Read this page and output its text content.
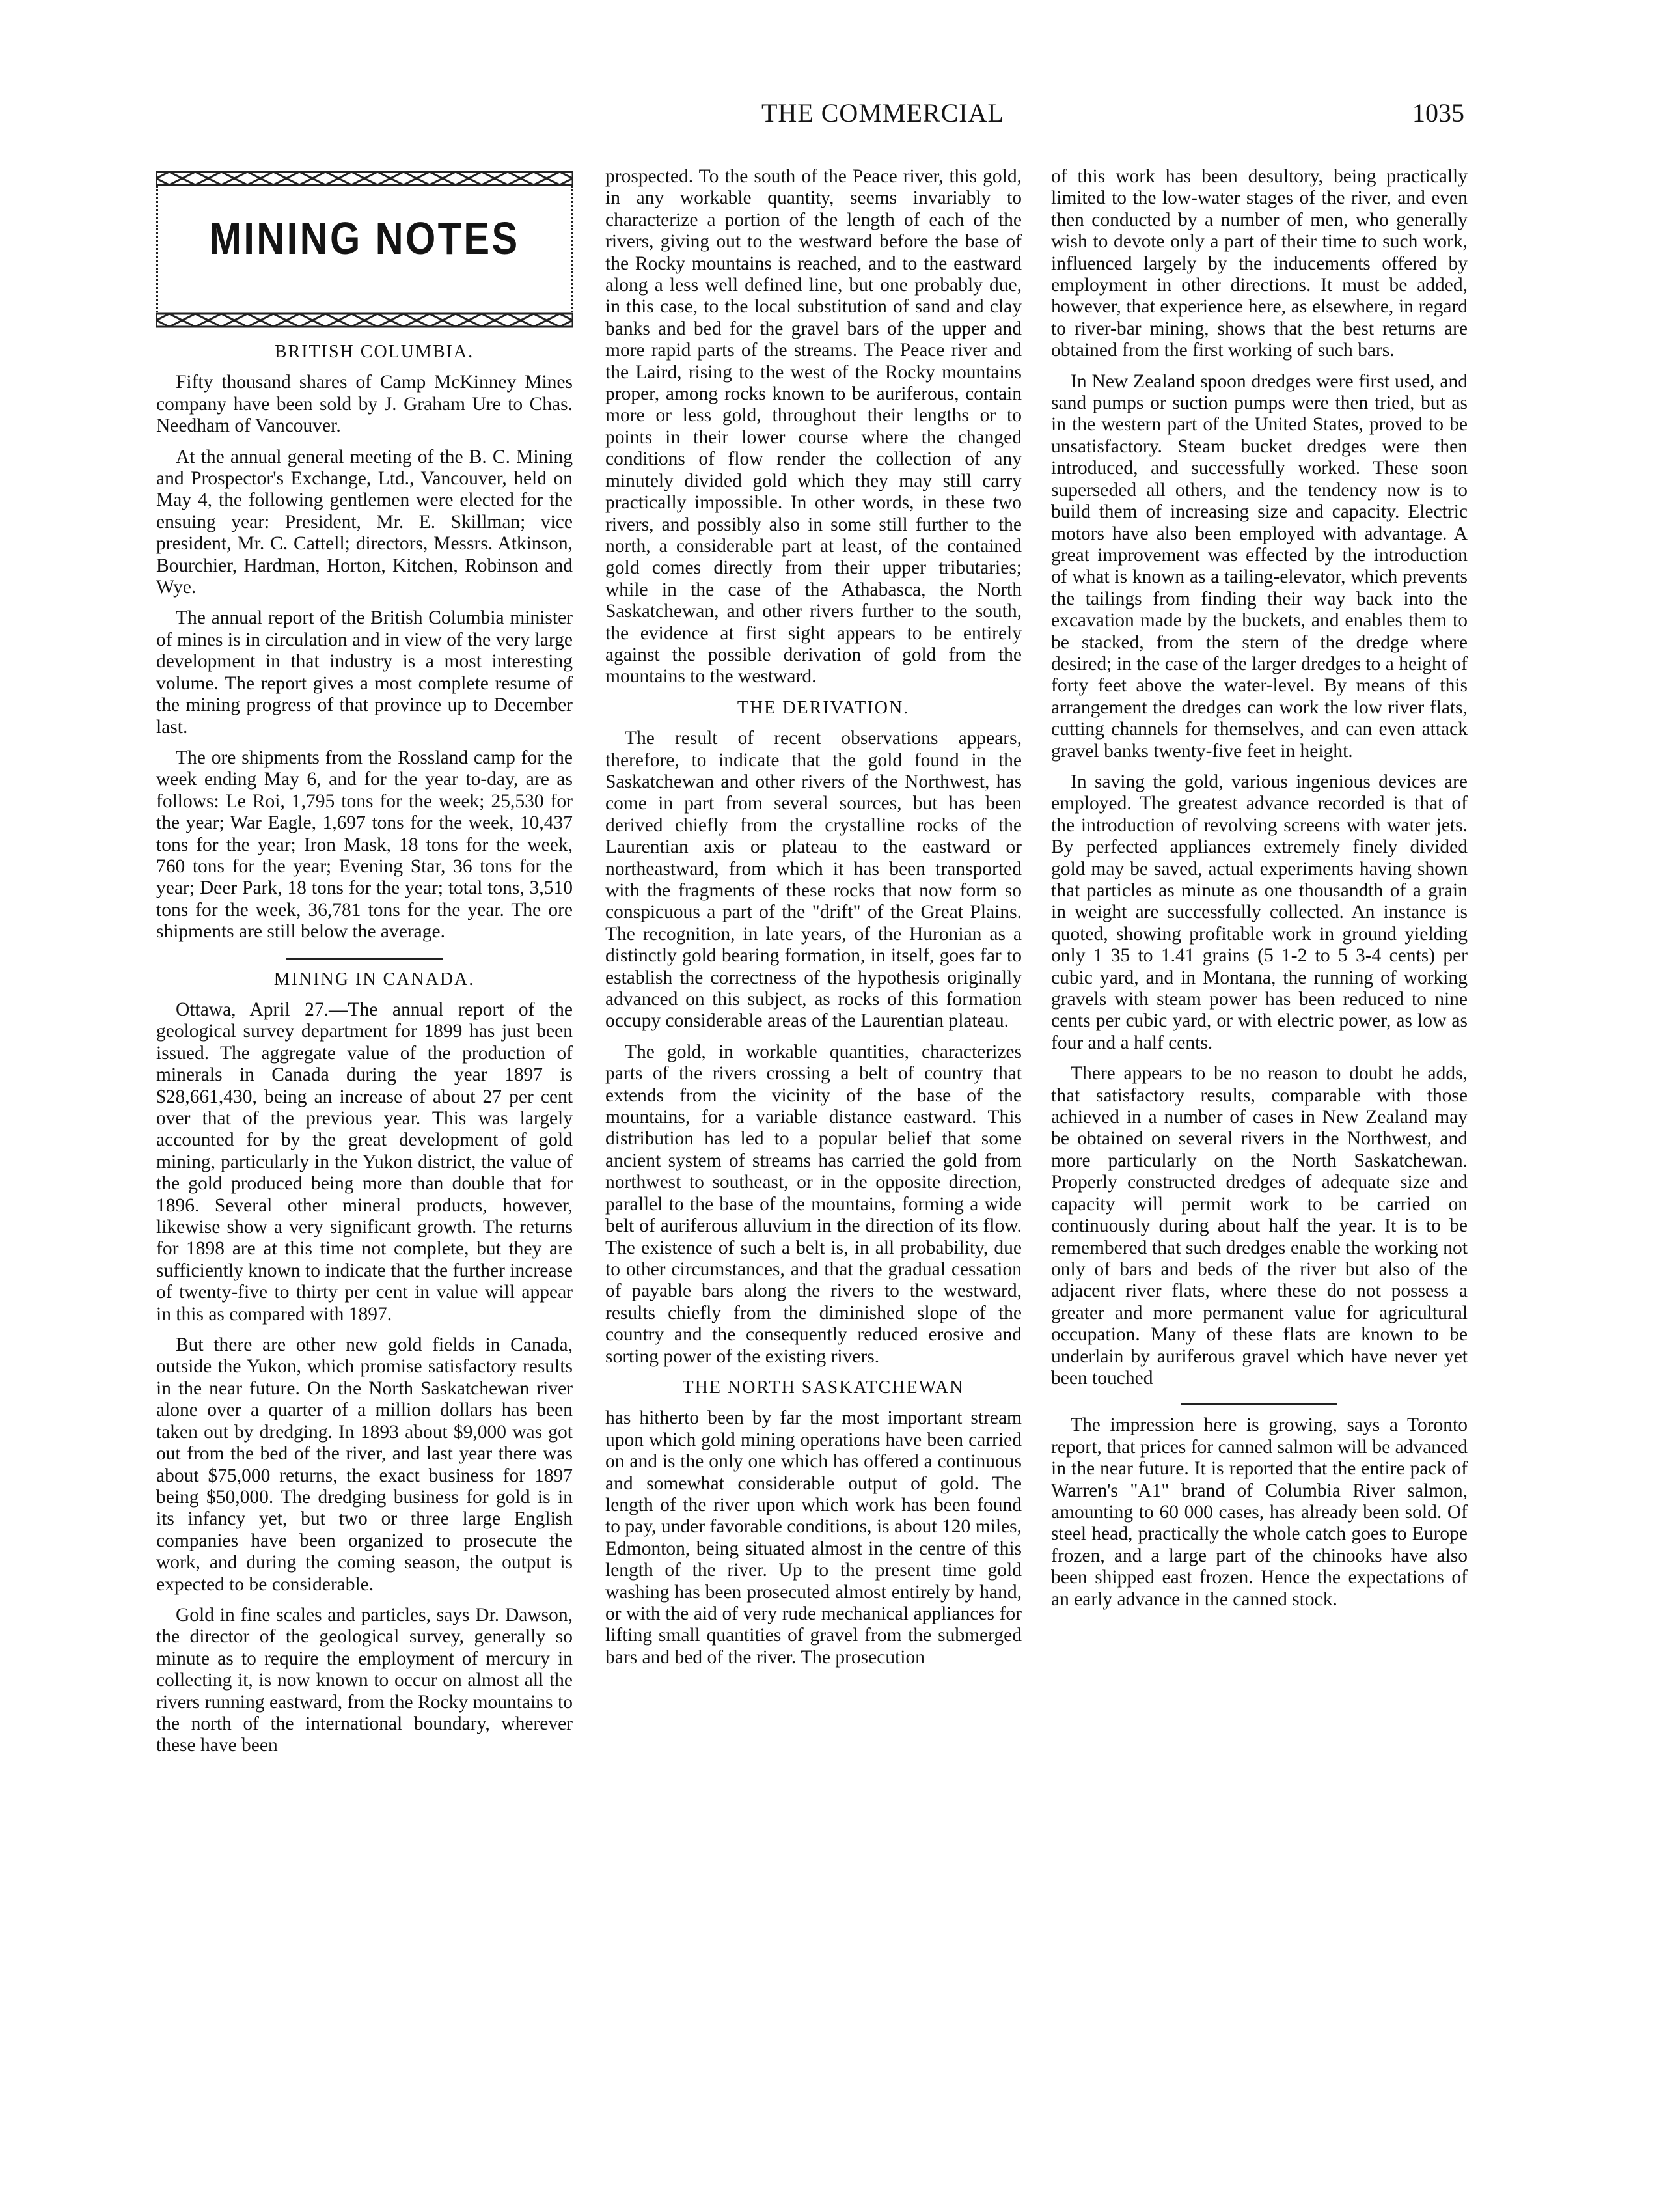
THE COMMERCIAL	1035
MINING NOTES

BRITISH COLUMBIA.

Fifty thousand shares of Camp McKinney Mines company have been sold by J. Graham Ure to Chas. Needham of Vancouver.

At the annual general meeting of the B. C. Mining and Prospector's Exchange, Ltd., Vancouver, held on May 4, the following gentlemen were elected for the ensuing year: President, Mr. E. Skillman; vice president, Mr. C. Cattell; directors, Messrs. Atkinson, Bourchier, Hardman, Horton, Kitchen, Robinson and Wye.

The annual report of the British Columbia minister of mines is in circulation and in view of the very large development in that industry is a most interesting volume. The report gives a most complete resume of the mining progress of that province up to December last.

The ore shipments from the Rossland camp for the week ending May 6, and for the year to-day, are as follows: Le Roi, 1,795 tons for the week; 25,530 for the year; War Eagle, 1,697 tons for the week, 10,437 tons for the year; Iron Mask, 18 tons for the week, 760 tons for the year; Evening Star, 36 tons for the year; Deer Park, 18 tons for the year; total tons, 3,510 tons for the week, 36,781 tons for the year. The ore shipments are still below the average.

MINING IN CANADA.

Ottawa, April 27.—The annual report of the geological survey department for 1899 has just been issued. The aggregate value of the production of minerals in Canada during the year 1897 is $28,661,430, being an increase of about 27 per cent over that of the previous year. This was largely accounted for by the great development of gold mining, particularly in the Yukon district, the value of the gold produced being more than double that for 1896. Several other mineral products, however, likewise show a very significant growth. The returns for 1898 are at this time not complete, but they are sufficiently known to indicate that the further increase of twenty-five to thirty per cent in value will appear in this as compared with 1897.

But there are other new gold fields in Canada, outside the Yukon, which promise satisfactory results in the near future. On the North Saskatchewan river alone over a quarter of a million dollars has been taken out by dredging. In 1893 about $9,000 was got out from the bed of the river, and last year there was about $75,000 returns, the exact business for 1897 being $50,000. The dredging business for gold is in its infancy yet, but two or three large English companies have been organized to prosecute the work, and during the coming season, the output is expected to be considerable.

Gold in fine scales and particles, says Dr. Dawson, the director of the geological survey, generally so minute as to require the employment of mercury in collecting it, is now known to occur on almost all the rivers running eastward, from the Rocky mountains to the north of the international boundary, wherever these have been

prospected. To the south of the Peace river, this gold, in any workable quantity, seems invariably to characterize a portion of the length of each of the rivers, giving out to the westward before the base of the Rocky mountains is reached, and to the eastward along a less well defined line, but one probably due, in this case, to the local substitution of sand and clay banks and bed for the gravel bars of the upper and more rapid parts of the streams. The Peace river and the Laird, rising to the west of the Rocky mountains proper, among rocks known to be auriferous, contain more or less gold, throughout their lengths or to points in their lower course where the changed conditions of flow render the collection of any minutely divided gold which they may still carry practically impossible. In other words, in these two rivers, and possibly also in some still further to the north, a considerable part at least, of the contained gold comes directly from their upper tributaries; while in the case of the Athabasca, the North Saskatchewan, and other rivers further to the south, the evidence at first sight appears to be entirely against the possible derivation of gold from the mountains to the westward.

THE DERIVATION.

The result of recent observations appears, therefore, to indicate that the gold found in the Saskatchewan and other rivers of the Northwest, has come in part from several sources, but has been derived chiefly from the crystalline rocks of the Laurentian axis or plateau to the eastward or northeastward, from which it has been transported with the fragments of these rocks that now form so conspicuous a part of the "drift" of the Great Plains. The recognition, in late years, of the Huronian as a distinctly gold bearing formation, in itself, goes far to establish the correctness of the hypothesis originally advanced on this subject, as rocks of this formation occupy considerable areas of the Laurentian plateau.

The gold, in workable quantities, characterizes parts of the rivers crossing a belt of country that extends from the vicinity of the base of the mountains, for a variable distance eastward. This distribution has led to a popular belief that some ancient system of streams has carried the gold from northwest to southeast, or in the opposite direction, parallel to the base of the mountains, forming a wide belt of auriferous alluvium in the direction of its flow. The existence of such a belt is, in all probability, due to other circumstances, and that the gradual cessation of payable bars along the rivers to the westward, results chiefly from the diminished slope of the country and the consequently reduced erosive and sorting power of the existing rivers.

THE NORTH SASKATCHEWAN

has hitherto been by far the most important stream upon which gold mining operations have been carried on and is the only one which has offered a continuous and somewhat considerable output of gold. The length of the river upon which work has been found to pay, under favorable conditions, is about 120 miles, Edmonton, being situated almost in the centre of this length of the river. Up to the present time gold washing has been prosecuted almost entirely by hand, or with the aid of very rude mechanical appliances for lifting small quantities of gravel from the submerged bars and bed of the river. The prosecution

of this work has been desultory, being practically limited to the low-water stages of the river, and even then conducted by a number of men, who generally wish to devote only a part of their time to such work, influenced largely by the inducements offered by employment in other directions. It must be added, however, that experience here, as elsewhere, in regard to river-bar mining, shows that the best returns are obtained from the first working of such bars.

In New Zealand spoon dredges were first used, and sand pumps or suction pumps were then tried, but as in the western part of the United States, proved to be unsatisfactory. Steam bucket dredges were then introduced, and successfully worked. These soon superseded all others, and the tendency now is to build them of increasing size and capacity. Electric motors have also been employed with advantage. A great improvement was effected by the introduction of what is known as a tailing-elevator, which prevents the tailings from finding their way back into the excavation made by the buckets, and enables them to be stacked, from the stern of the dredge where desired; in the case of the larger dredges to a height of forty feet above the water-level. By means of this arrangement the dredges can work the low river flats, cutting channels for themselves, and can even attack gravel banks twenty-five feet in height.

In saving the gold, various ingenious devices are employed. The greatest advance recorded is that of the introduction of revolving screens with water jets. By perfected appliances extremely finely divided gold may be saved, actual experiments having shown that particles as minute as one thousandth of a grain in weight are successfully collected. An instance is quoted, showing profitable work in ground yielding only 1 35 to 1.41 grains (5 1-2 to 5 3-4 cents) per cubic yard, and in Montana, the running of working gravels with steam power has been reduced to nine cents per cubic yard, or with electric power, as low as four and a half cents.

There appears to be no reason to doubt he adds, that satisfactory results, comparable with those achieved in a number of cases in New Zealand may be obtained on several rivers in the Northwest, and more particularly on the North Saskatchewan. Properly constructed dredges of adequate size and capacity will permit work to be carried on continuously during about half the year. It is to be remembered that such dredges enable the working not only of bars and beds of the river but also of the adjacent river flats, where these do not possess a greater and more permanent value for agricultural occupation. Many of these flats are known to be underlain by auriferous gravel which have never yet been touched

The impression here is growing, says a Toronto report, that prices for canned salmon will be advanced in the near future. It is reported that the entire pack of Warren's "A1" brand of Columbia River salmon, amounting to 60 000 cases, has already been sold. Of steel head, practically the whole catch goes to Europe frozen, and a large part of the chinooks have also been shipped east frozen. Hence the expectations of an early advance in the canned stock.
